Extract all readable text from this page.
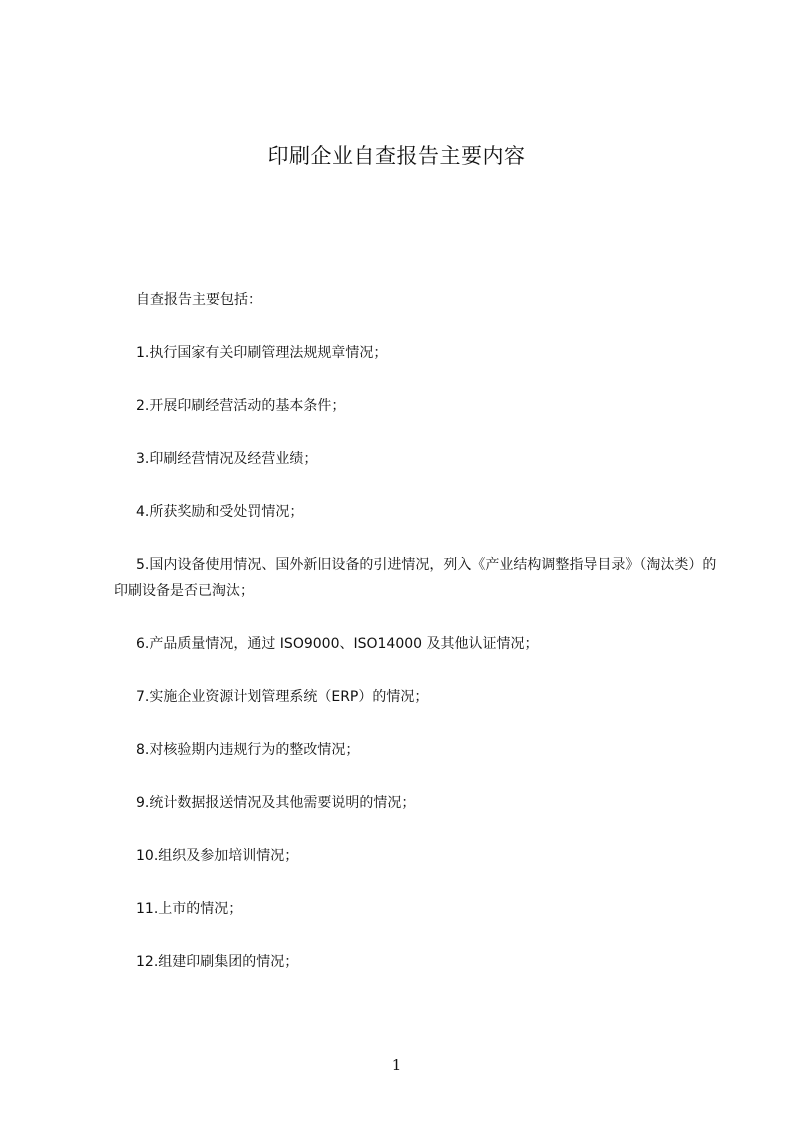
印刷企业自查报告主要内容

自查报告主要包括：

1.执行国家有关印刷管理法规规章情况；

2.开展印刷经营活动的基本条件；

3.印刷经营情况及经营业绩；

4.所获奖励和受处罚情况；

5.国内设备使用情况、国外新旧设备的引进情况，列入《产业结构调整指导目录》（淘汰类）的印刷设备是否已淘汰；

6.产品质量情况，通过 ISO9000、ISO14000 及其他认证情况；

7.实施企业资源计划管理系统（ERP）的情况；

8.对核验期内违规行为的整改情况；

9.统计数据报送情况及其他需要说明的情况；

10.组织及参加培训情况；

11.上市的情况；

12.组建印刷集团的情况；

1
